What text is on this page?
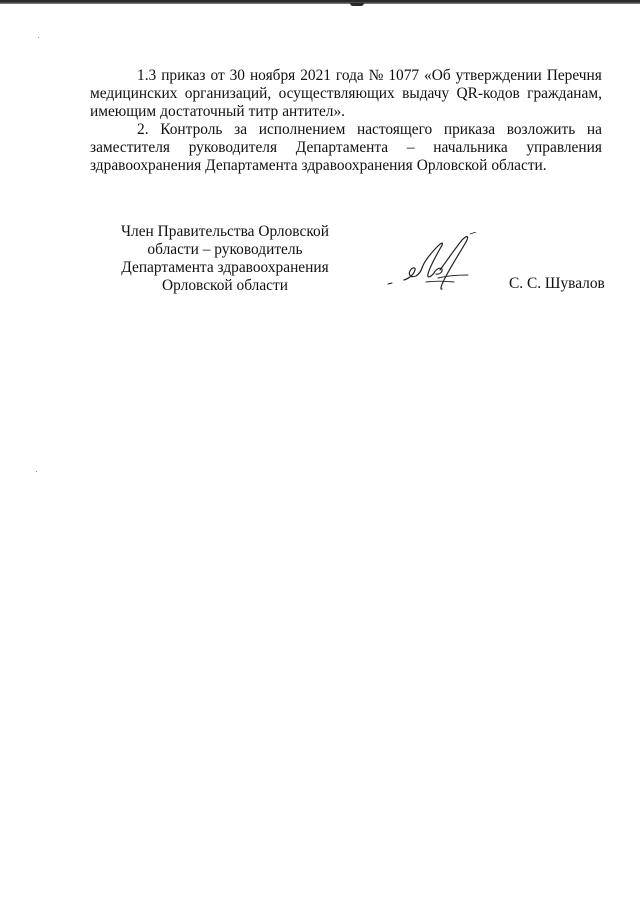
1.3 приказ от 30 ноября 2021 года № 1077 «Об утверждении Перечня
медицинских организаций, осуществляющих выдачу QR-кодов гражданам,
имеющим достаточный титр антител».
2. Контроль за исполнением настоящего приказа возложить на
заместителя руководителя Департамента – начальника управления
здравоохранения Департамента здравоохранения Орловской области.
Член Правительства Орловской
области – руководитель
Департамента здравоохранения
Орловской области	С. С. Шувалов
